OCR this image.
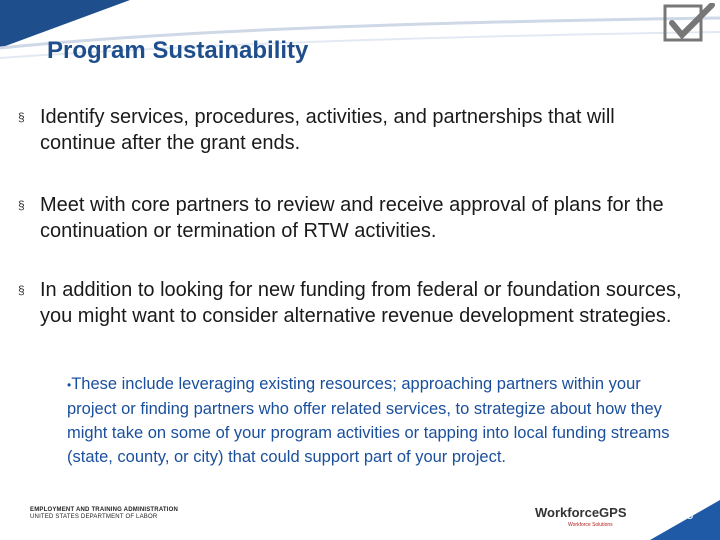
Program Sustainability
§ Identify services, procedures, activities, and partnerships that will continue after the grant ends.
§ Meet with core partners to review and receive approval of plans for the continuation or termination of RTW activities.
§ In addition to looking for new funding from federal or foundation sources, you might want to consider alternative revenue development strategies.
•These include leveraging existing resources; approaching partners within your project or finding partners who offer related services, to strategize about how they might take on some of your program activities or tapping into local funding streams (state, county, or city) that could support part of your project.
EMPLOYMENT AND TRAINING ADMINISTRATION
UNITED STATES DEPARTMENT OF LABOR	WorkforceGPS
Workforce Solutions
15
